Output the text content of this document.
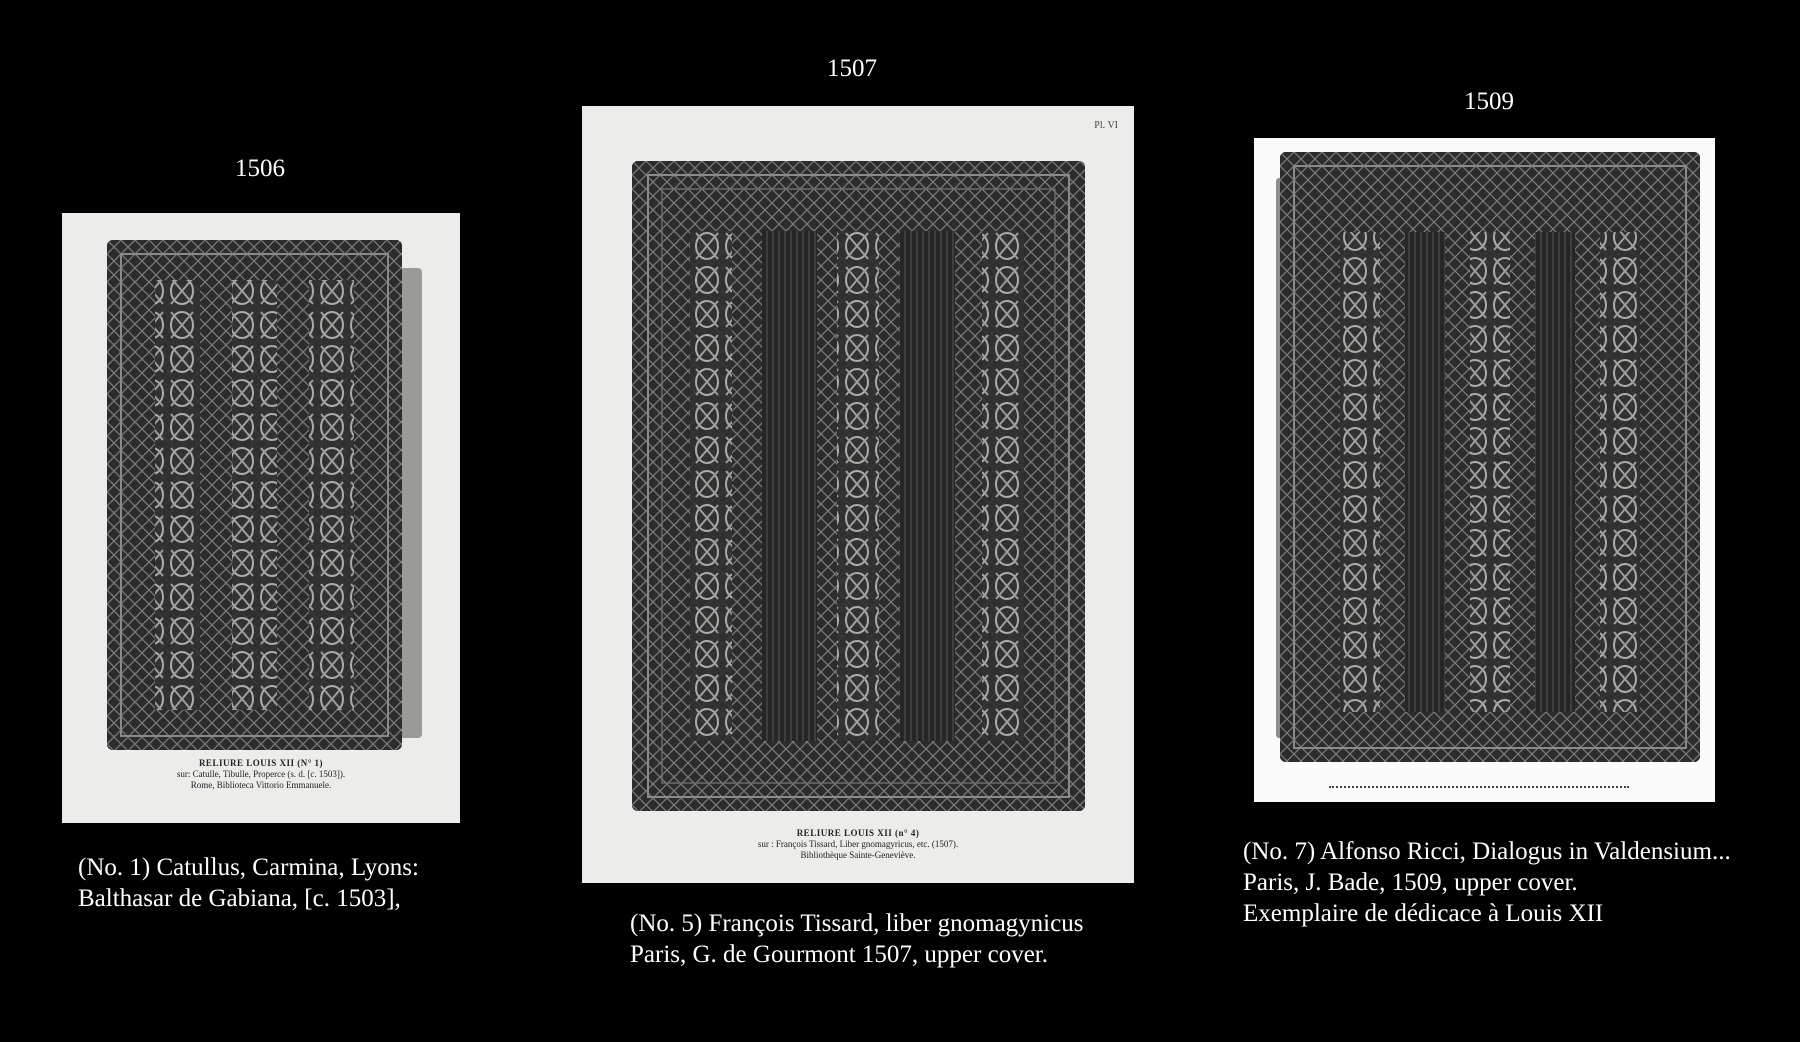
1506
RELIURE LOUIS XII (N° 1)
sur: Catulle, Tibulle, Properce (s. d. [c. 1503]).
Rome, Biblioteca Vittorio Emmanuele.
(No. 1) Catullus, Carmina, Lyons:
Balthasar de Gabiana, [c. 1503],
1507
Pl. VI
RELIURE LOUIS XII (n° 4)
sur : François Tissard, Liber gnomagyricus, etc. (1507).
Bibliothèque Sainte-Geneviève.
(No. 5) François Tissard, liber gnomagynicus
Paris, G. de Gourmont 1507, upper cover.
1509
(No. 7) Alfonso Ricci, Dialogus in Valdensium...
Paris, J. Bade, 1509, upper cover.
Exemplaire de dédicace à Louis XII
